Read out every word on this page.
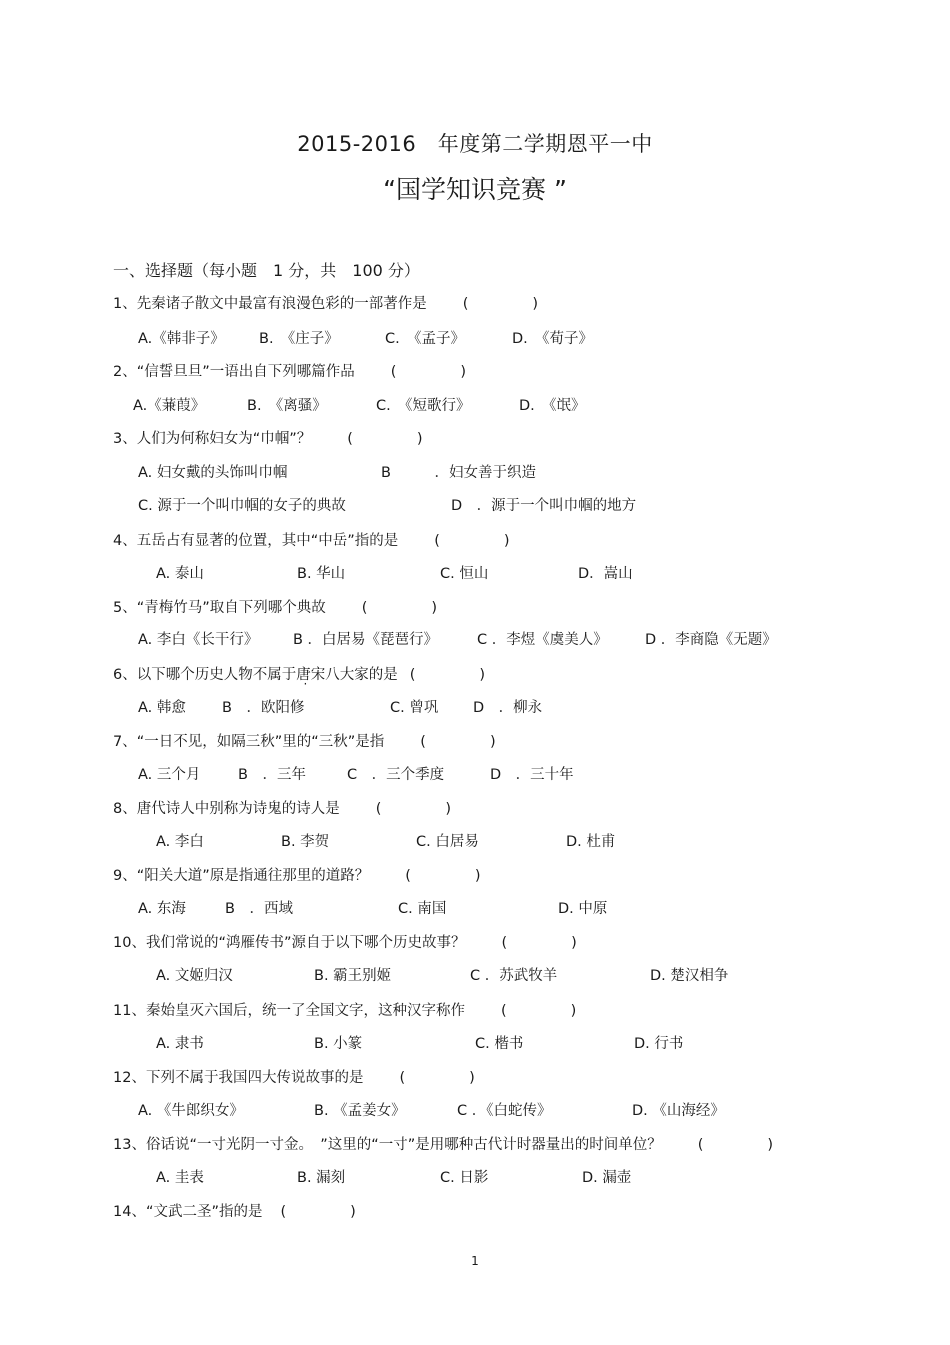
2015-2016　年度第二学期恩平一中
“国学知识竞赛 ”
一、选择题（每小题　1 分，共　100 分）
1、先秦诸子散文中最富有浪漫色彩的一部著作是 (	)
A.《韩非子》 B.　《庄子》	C.　《孟子》	D.　《荀子》
2、“信誓旦旦”一语出自下列哪篇作品 (	)
A.《蒹葭》	B.　《离骚》	C.　《短歌行》	D.　《氓》
3、人们为何称妇女为“巾帼”？ (	)
A. 妇女戴的头饰叫巾帼	B　　　．妇女善于织造
C. 源于一个叫巾帼的女子的典故	D　．源于一个叫巾帼的地方
4、五岳占有显著的位置，其中“中岳”指的是 (	)
A. 泰山	B. 华山	C. 恒山	D．嵩山
5、“青梅竹马”取自下列哪个典故 (	)
A. 李白《长干行》 B ．白居易《琵琶行》	C ．李煜《虞美人》	D ．李商隐《无题》
6、以下哪个历史人物不属于唐宋八大家的是 (	)
A. 韩愈 B　．欧阳修	C. 曾巩 D　．柳永
7、“一日不见，如隔三秋”里的“三秋”是指 (	)
A. 三个月	B　．三年	C　．三个季度	D　．三十年
8、唐代诗人中别称为诗鬼的诗人是 (	)
A. 李白	B. 李贺	C. 白居易	D. 杜甫
9、“阳关大道”原是指通往那里的道路？ (	)
A. 东海	B　．西域	C. 南国	D. 中原
10、我们常说的“鸿雁传书”源自于以下哪个历史故事？ (	)
A. 文姬归汉	B. 霸王别姬	C ．苏武牧羊	D. 楚汉相争
11、秦始皇灭六国后，统一了全国文字，这种汉字称作 (	)
A. 隶书	B. 小篆	C. 楷书	D. 行书
12、下列不属于我国四大传说故事的是 (	)
A. 《牛郎织女》	B. 《孟姜女》	C ．《白蛇传》	D. 《山海经》
13、俗话说“一寸光阴一寸金。　”这里的“一寸”是用哪种古代计时器量出的时间单位？ (	)
A. 圭表	B. 漏刻	C. 日影	D. 漏壶
14、“文武二圣”指的是 (	)
1
